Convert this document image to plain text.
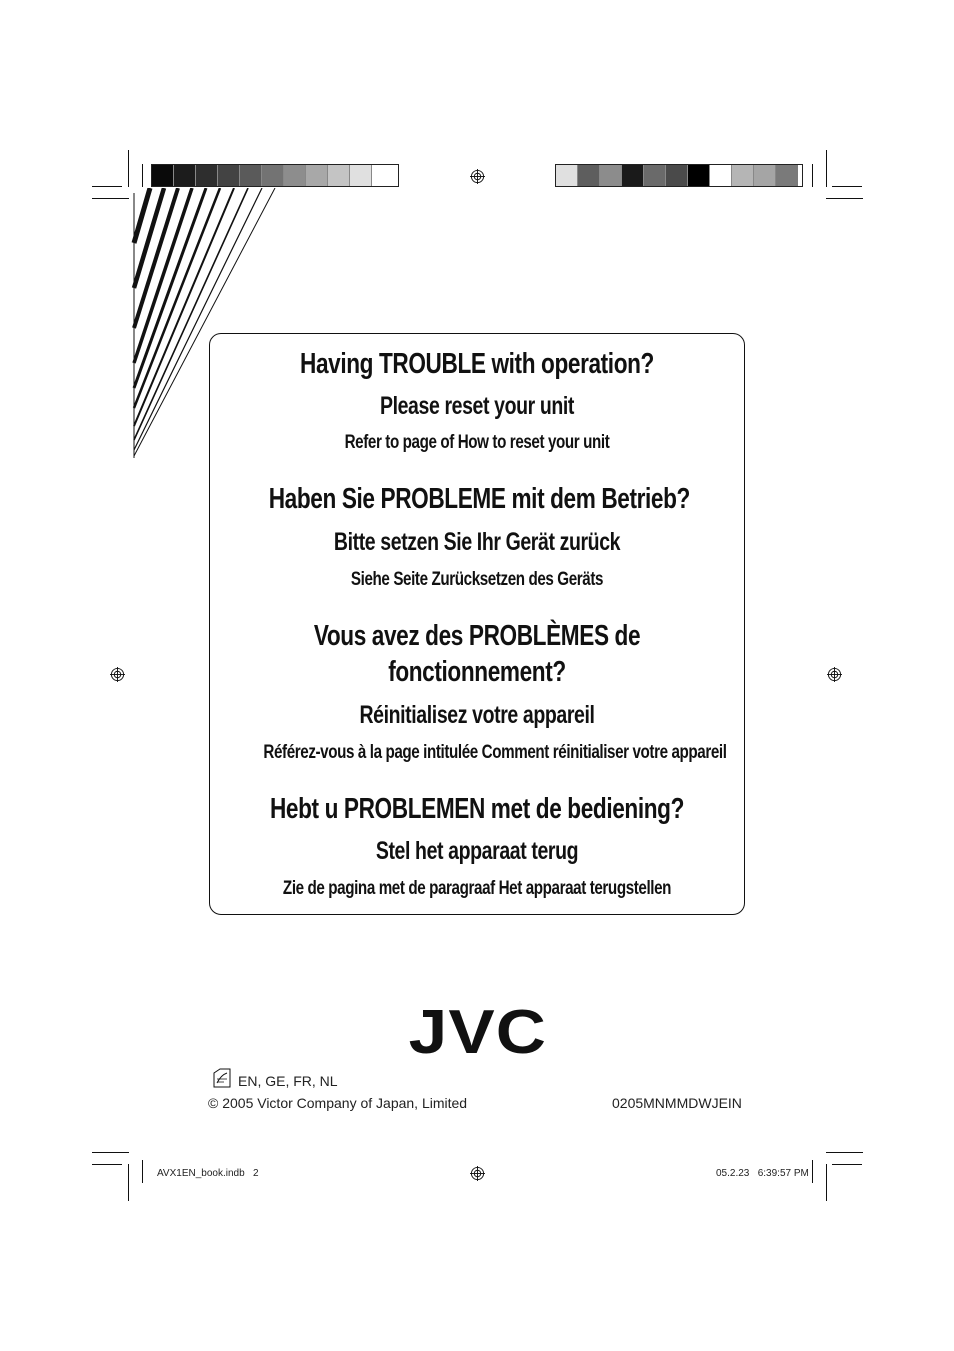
Having TROUBLE with operation?
Please reset your unit
Refer to page of How to reset your unit
Haben Sie PROBLEME mit dem Betrieb?
Bitte setzen Sie Ihr Gerät zurück
Siehe Seite Zurücksetzen des Geräts
Vous avez des PROBLÈMES de
fonctionnement?
Réinitialisez votre appareil
Référez-vous à la page intitulée Comment réinitialiser votre appareil
Hebt u PROBLEMEN met de bediening?
Stel het apparaat terug
Zie de pagina met de paragraaf Het apparaat terugstellen
JVC
EN, GE, FR, NL
© 2005 Victor Company of Japan, Limited	0205MNMMDWJEIN
AVX1EN_book.indb   2	05.2.23   6:39:57 PM
